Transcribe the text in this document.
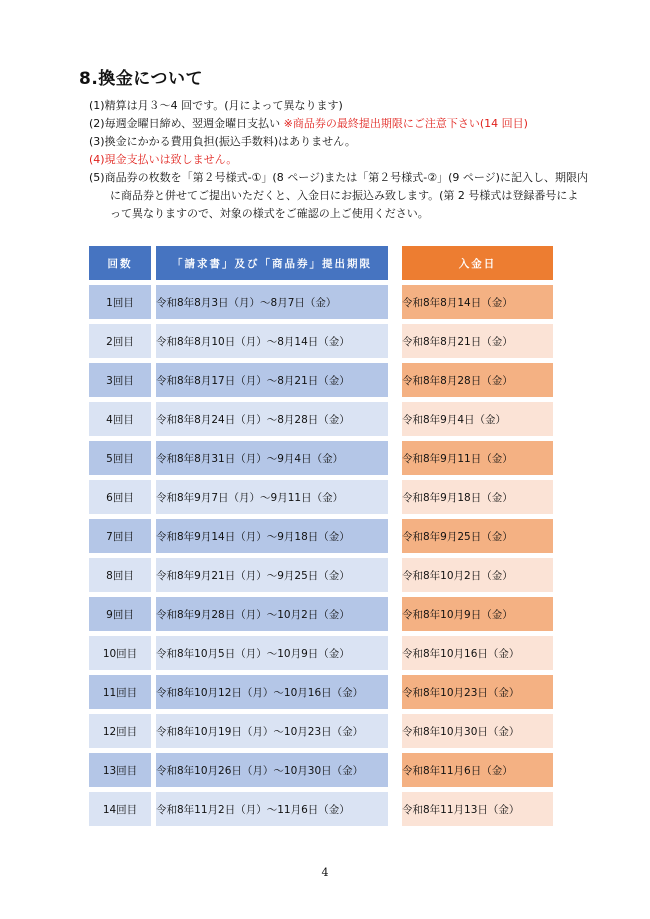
8.換金について
(1)精算は月３～4 回です。(月によって異なります)
(2)毎週金曜日締め、翌週金曜日支払い ※商品券の最終提出期限にご注意下さい(14 回目)
(3)換金にかかる費用負担(振込手数料)はありません。
(4)現金支払いは致しません。
(5)商品券の枚数を「第２号様式-①」(8 ページ)または「第２号様式-②」(9 ページ)に記入し、期限内に商品券と併せてご提出いただくと、入金日にお振込み致します。(第 2 号様式は登録番号によって異なりますので、対象の様式をご確認の上ご使用ください。
回数		「請求書」及び「商品券」提出期限		入金日
1回目		令和8年8月3日（月）～8月7日（金）		令和8年8月14日（金）
2回目		令和8年8月10日（月）～8月14日（金）		令和8年8月21日（金）
3回目		令和8年8月17日（月）～8月21日（金）		令和8年8月28日（金）
4回目		令和8年8月24日（月）～8月28日（金）		令和8年9月4日（金）
5回目		令和8年8月31日（月）～9月4日（金）		令和8年9月11日（金）
6回目		令和8年9月7日（月）～9月11日（金）		令和8年9月18日（金）
7回目		令和8年9月14日（月）～9月18日（金）		令和8年9月25日（金）
8回目		令和8年9月21日（月）～9月25日（金）		令和8年10月2日（金）
9回目		令和8年9月28日（月）～10月2日（金）		令和8年10月9日（金）
10回目		令和8年10月5日（月）～10月9日（金）		令和8年10月16日（金）
11回目		令和8年10月12日（月）～10月16日（金）		令和8年10月23日（金）
12回目		令和8年10月19日（月）～10月23日（金）		令和8年10月30日（金）
13回目		令和8年10月26日（月）～10月30日（金）		令和8年11月6日（金）
14回目		令和8年11月2日（月）～11月6日（金）		令和8年11月13日（金）
4
